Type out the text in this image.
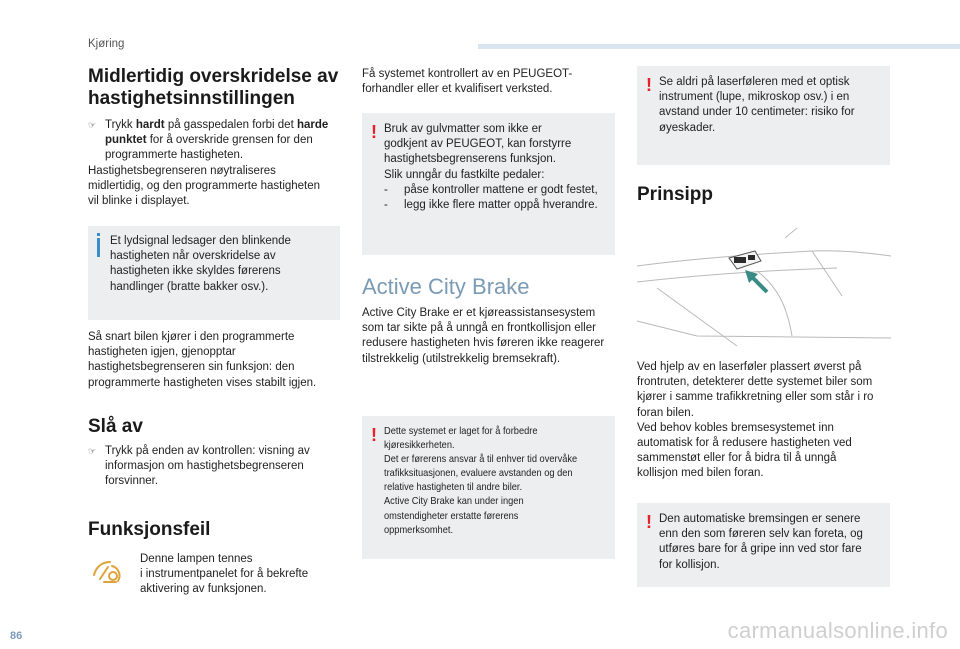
Kjøring
Midlertidig overskridelse av
hastighetsinnstillingen
☞ Trykk hardt på gasspedalen forbi det harde
punktet for å overskride grensen for den
programmerte hastigheten.

Hastighetsbegrenseren nøytraliseres
midlertidig, og den programmerte hastigheten
vil blinke i displayet.

Et lydsignal ledsager den blinkende
hastigheten når overskridelse av
hastigheten ikke skyldes førerens
handlinger (bratte bakker osv.).

Så snart bilen kjører i den programmerte
hastigheten igjen, gjenopptar
hastighetsbegrenseren sin funksjon: den
programmerte hastigheten vises stabilt igjen.

Slå av
☞ Trykk på enden av kontrollen: visning av
informasjon om hastighetsbegrenseren
forsvinner.
Funksjonsfeil

Denne lampen tennes
i instrumentpanelet for å bekrefte
aktivering av funksjonen.

Få systemet kontrollert av en PEUGEOT-
forhandler eller et kvalifisert verksted.

! Bruk av gulvmatter som ikke er
godkjent av PEUGEOT, kan forstyrre
hastighetsbegrenserens funksjon.
Slik unngår du fastkilte pedaler:

- påse kontroller mattene er godt festet,
- legg ikke flere matter oppå hverandre.
Active City Brake

Active City Brake er et kjøreassistansesystem
som tar sikte på å unngå en frontkollisjon eller
redusere hastigheten hvis føreren ikke reagerer
tilstrekkelig (utilstrekkelig bremsekraft).

! Dette systemet er laget for å forbedre
kjøresikkerheten.
Det er førerens ansvar å til enhver tid overvåke
trafikksituasjonen, evaluere avstanden og den
relative hastigheten til andre biler.
Active City Brake kan under ingen
omstendigheter erstatte førerens
oppmerksomhet.
! Se aldri på laserføleren med et optisk
instrument (lupe, mikroskop osv.) i en
avstand under 10 centimeter: risiko for
øyeskader.

Prinsipp

Ved hjelp av en laserføler plassert øverst på
frontruten, detekterer dette systemet biler som
kjører i samme trafikkretning eller som står i ro
foran bilen.
Ved behov kobles bremsesystemet inn
automatisk for å redusere hastigheten ved
sammenstøt eller for å bidra til å unngå
kollisjon med bilen foran.

! Den automatiske bremsingen er senere
enn den som føreren selv kan foreta, og
utføres bare for å gripe inn ved stor fare
for kollisjon.

86	carmanualsonline.info
